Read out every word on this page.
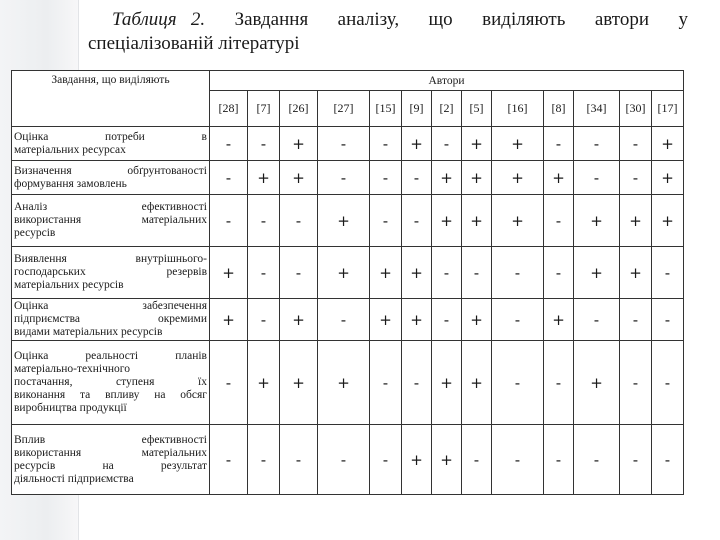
Таблиця 2. Завдання аналізу, що виділяють автори у
спеціалізованій літературі
Завдання, що виділяють	Автори												
	[28]	[7]	[26]	[27]	[15]	[9]	[2]	[5]	[16]	[8]	[34]	[30]	[17]

Оцінка потреби в
матеріальних ресурсах	-	-	+	-	-	+	-	+	+	-	-	-	+

Визначення обґрунтованості
формування замовлень	-	+	+	-	-	-	+	+	+	+	-	-	+

Аналіз ефективності
використання матеріальних
ресурсів	-	-	-	+	-	-	+	+	+	-	+	+	+

Виявлення внутрішнього-
господарських резервів
матеріальних ресурсів	+	-	-	+	+	+	-	-	-	-	+	+	-

Оцінка забезпечення
підприємства окремими
видами матеріальних ресурсів	+	-	+	-	+	+	-	+	-	+	-	-	-

Оцінка реальності планів
матеріально-технічного
постачання, ступеня їх
виконання та впливу на обсяг
виробництва продукції	-	+	+	+	-	-	+	+	-	-	+	-	-

Вплив ефективності
використання матеріальних
ресурсів на результат
діяльності підприємства	-	-	-	-	-	+	+	-	-	-	-	-	-
